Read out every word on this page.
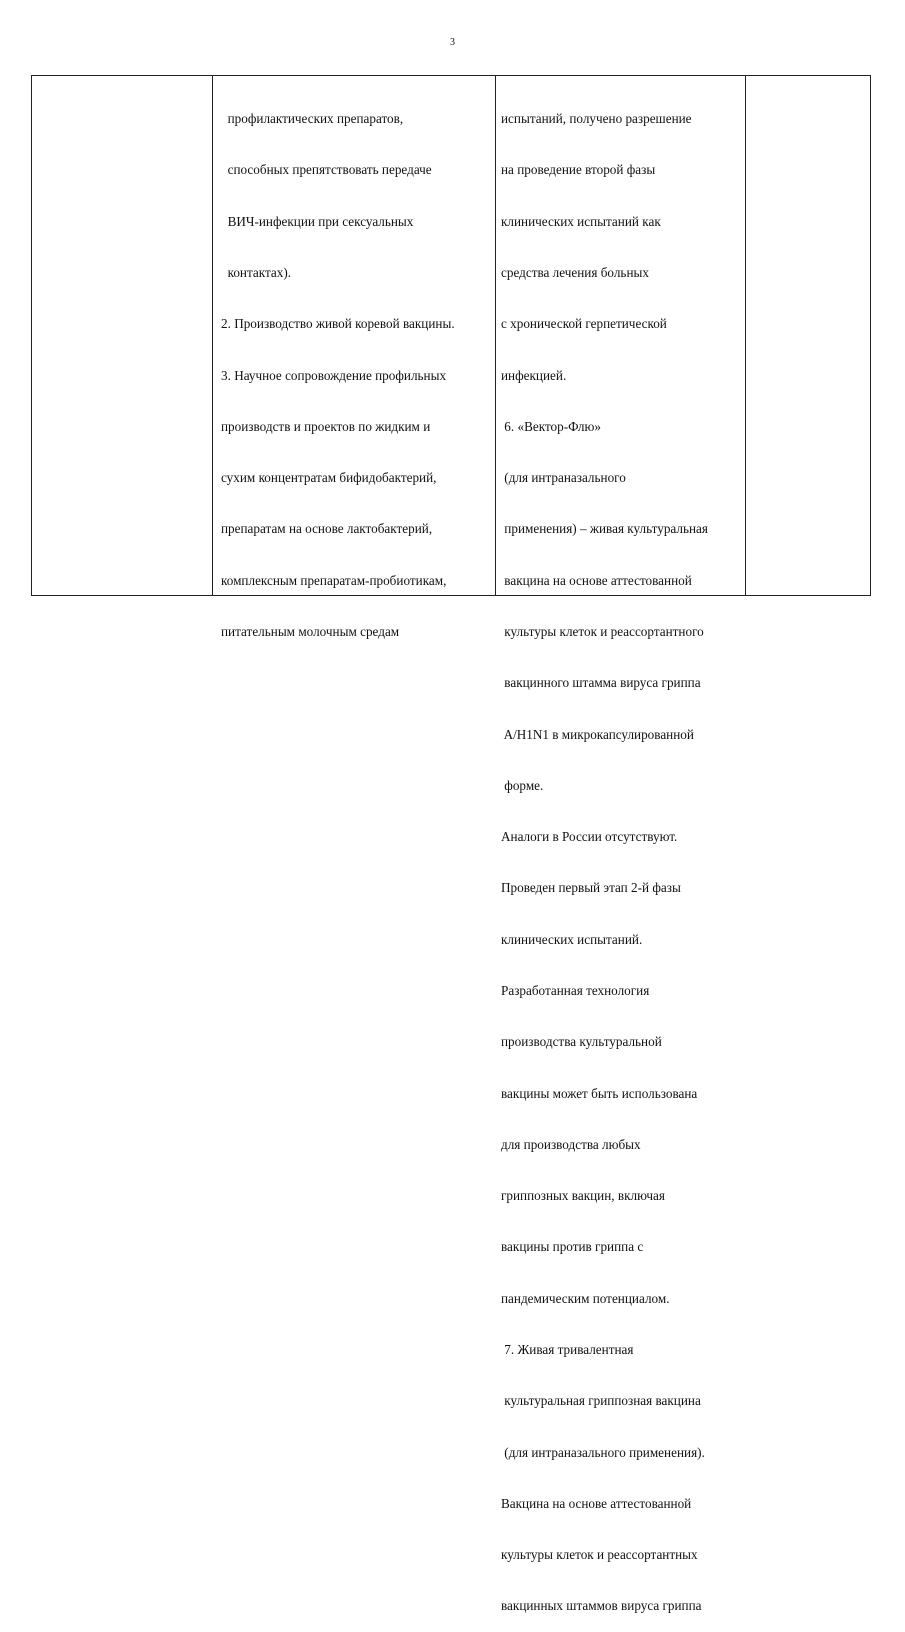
3

профилактических препаратов,

способных препятствовать передаче

ВИЧ-инфекции при сексуальных

контактах).

2. Производство живой коревой вакцины.

3. Научное сопровождение профильных

производств и проектов по жидким и

сухим концентратам бифидобактерий,

препаратам на основе лактобактерий,

комплексным препаратам-пробиотикам,

питательным молочным средам

испытаний, получено разрешение

на проведение второй фазы

клинических испытаний как

средства лечения больных

с хронической герпетической

инфекцией.

6. «Вектор-Флю»

(для интраназального

применения) – живая культуральная

вакцина на основе аттестованной

культуры клеток и реассортантного

вакцинного штамма вируса гриппа

A/H1N1 в микрокапсулированной

форме.

Аналоги в России отсутствуют.

Проведен первый этап 2-й фазы

клинических испытаний.

Разработанная технология

производства культуральной

вакцины может быть использована

для производства любых

гриппозных вакцин, включая

вакцины против гриппа с

пандемическим потенциалом.

7. Живая тривалентная

культуральная гриппозная вакцина

(для интраназального применения).

Вакцина на основе аттестованной

культуры клеток и реассортантных

вакцинных штаммов вируса гриппа
